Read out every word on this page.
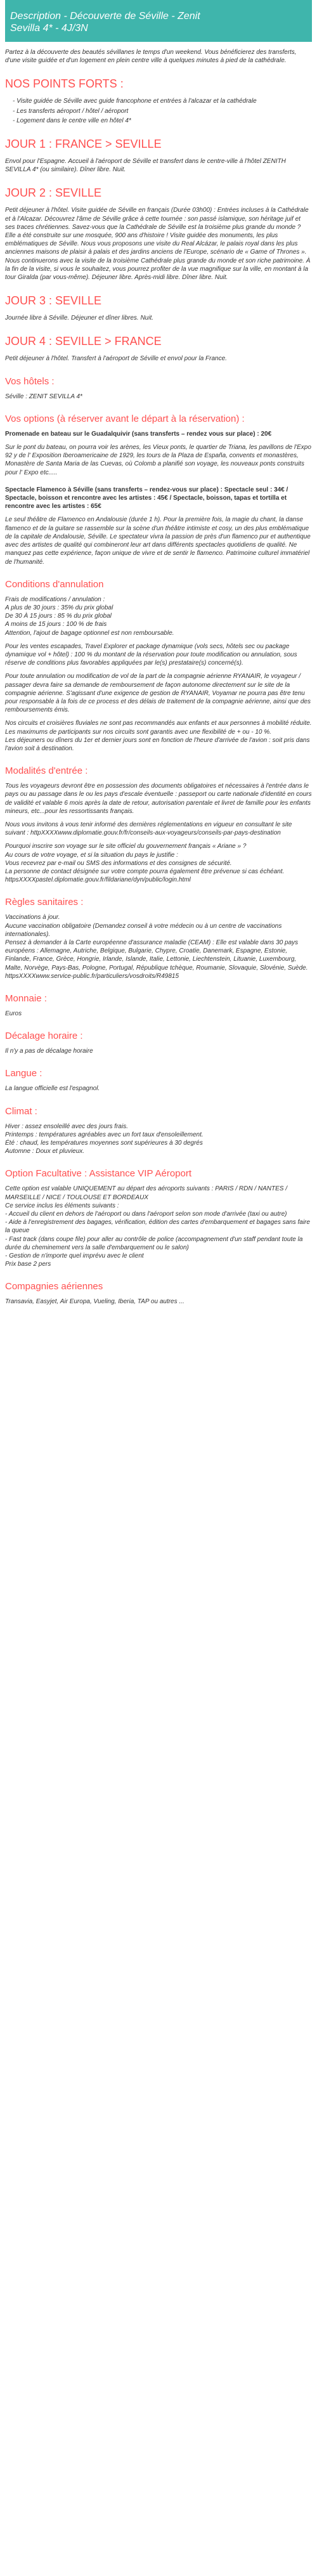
Description - Découverte de Séville - Zenit
Sevilla 4* - 4J/3N

Partez à la découverte des beautés sévillanes le temps d'un weekend. Vous bénéficierez des transferts, d'une visite guidée et d'un logement en plein centre ville à quelques minutes à pied de la cathédrale.

NOS POINTS FORTS :

- Visite guidée de Séville avec guide francophone et entrées à l'alcazar et la cathédrale

- Les transferts aéroport / hôtel / aéroport

- Logement dans le centre ville en hôtel 4*

JOUR 1 : FRANCE > SEVILLE

Envol pour l'Espagne. Accueil à l'aéroport de Séville et transfert dans le centre-ville à l'hôtel ZENITH SEVILLA 4* (ou similaire). Dîner libre. Nuit.

JOUR 2 : SEVILLE

Petit déjeuner à l'hôtel. Visite guidée de Séville en français (Durée 03h00) : Entrées incluses à la Cathédrale et à l'Alcazar. Découvrez l'âme de Séville grâce à cette tournée : son passé islamique, son héritage juif et ses traces chrétiennes. Savez-vous que la Cathédrale de Séville est la troisième plus grande du monde ? Elle a été construite sur une mosquée, 900 ans d'histoire ! Visite guidée des monuments, les plus emblématiques de Séville. Nous vous proposons une visite du Real Alcázar, le palais royal dans les plus anciennes maisons de plaisir à palais et des jardins anciens de l'Europe, scénario de « Game of Thrones ». Nous continuerons avec la visite de la troisième Cathédrale plus grande du monde et son riche patrimoine. À la fin de la visite, si vous le souhaitez, vous pourrez profiter de la vue magnifique sur la ville, en montant à la tour Giralda (par vous-même). Déjeuner libre. Après-midi libre. Dîner libre. Nuit.

JOUR 3 : SEVILLE

Journée libre à Séville. Déjeuner et dîner libres. Nuit.

JOUR 4 : SEVILLE > FRANCE

Petit déjeuner à l'hôtel. Transfert à l'aéroport de Séville et envol pour la France.

Vos hôtels :

Séville : ZENIT SEVILLA 4*

Vos options (à réserver avant le départ à la réservation) :

Promenade en bateau sur le Guadalquivir (sans transferts – rendez vous sur place) : 20€

Sur le pont du bateau, on pourra voir les arènes, les Vieux ponts, le quartier de Triana, les pavillons de l'Expo 92 y de l' Exposition Iberoamericaine de 1929, les tours de la Plaza de España, convents et monastères, Monastère de Santa Maria de las Cuevas, où Colomb a planifié son voyage, les nouveaux ponts construits pour l' Expo etc.....

Spectacle Flamenco à Séville (sans transferts – rendez-vous sur place) : Spectacle seul : 34€ / Spectacle, boisson et rencontre avec les artistes : 45€ / Spectacle, boisson, tapas et tortilla et rencontre avec les artistes : 65€

Le seul théâtre de Flamenco en Andalousie (durée 1 h). Pour la première fois, la magie du chant, la danse flamenco et de la guitare se rassemble sur la scène d'un théâtre intimiste et cosy, un des plus emblématique de la capitale de Andalousie, Séville. Le spectateur vivra la passion de près d'un flamenco pur et authentique avec des artistes de qualité qui combineront leur art dans différents spectacles quotidiens de qualité. Ne manquez pas cette expérience, façon unique de vivre et de sentir le flamenco. Patrimoine culturel immatériel de l'humanité.

Conditions d'annulation

Frais de modifications / annulation :
A plus de 30 jours : 35% du prix global
De 30 À 15 jours : 85 % du prix global
A moins de 15 jours : 100 % de frais
Attention, l'ajout de bagage optionnel est non remboursable.

Pour les ventes escapades, Travel Explorer et package dynamique (vols secs, hôtels sec ou package dynamique vol + hôtel) : 100 % du montant de la réservation pour toute modification ou annulation, sous réserve de conditions plus favorables appliquées par le(s) prestataire(s) concerné(s).

Pour toute annulation ou modification de vol de la part de la compagnie aérienne RYANAIR, le voyageur / passager devra faire sa demande de remboursement de façon autonome directement sur le site de la compagnie aérienne. S'agissant d'une exigence de gestion de RYANAIR, Voyamar ne pourra pas être tenu pour responsable à la fois de ce process et des délais de traitement de la compagnie aérienne, ainsi que des remboursements émis.

Nos circuits et croisières fluviales ne sont pas recommandés aux enfants et aux personnes à mobilité réduite.
Les maximums de participants sur nos circuits sont garantis avec une flexibilité de + ou - 10 %.
Les déjeuners ou dîners du 1er et dernier jours sont en fonction de l'heure d'arrivée de l'avion : soit pris dans l'avion soit à destination.

Modalités d'entrée :

Tous les voyageurs devront être en possession des documents obligatoires et nécessaires à l'entrée dans le pays ou au passage dans le ou les pays d'escale éventuelle : passeport ou carte nationale d'identité en cours de validité et valable 6 mois après la date de retour, autorisation parentale et livret de famille pour les enfants mineurs, etc...pour les ressortissants français.

Nous vous invitons à vous tenir informé des dernières réglementations en vigueur en consultant le site suivant : httpXXXXwww.diplomatie.gouv.fr/fr/conseils-aux-voyageurs/conseils-par-pays-destination

Pourquoi inscrire son voyage sur le site officiel du gouvernement français « Ariane » ?
Au cours de votre voyage, et si la situation du pays le justifie :
Vous recevrez par e-mail ou SMS des informations et des consignes de sécurité.
La personne de contact désignée sur votre compte pourra également être prévenue si cas échéant.
httpsXXXXpastel.diplomatie.gouv.fr/fildariane/dyn/public/login.html

Règles sanitaires :

Vaccinations à jour.
Aucune vaccination obligatoire (Demandez conseil à votre médecin ou à un centre de vaccinations internationales).
Pensez à demander à la Carte européenne d'assurance maladie (CEAM) : Elle est valable dans 30 pays européens : Allemagne, Autriche, Belgique, Bulgarie, Chypre, Croatie, Danemark, Espagne, Estonie, Finlande, France, Grèce, Hongrie, Irlande, Islande, Italie, Lettonie, Liechtenstein, Lituanie, Luxembourg, Malte, Norvège, Pays-Bas, Pologne, Portugal, République tchèque, Roumanie, Slovaquie, Slovénie, Suède.
httpsXXXXwww.service-public.fr/particuliers/vosdroits/R49815

Monnaie :

Euros

Décalage horaire :

Il n'y a pas de décalage horaire

Langue :

La langue officielle est l'espagnol.

Climat :

Hiver : assez ensoleillé avec des jours frais.
Printemps : températures agréables avec un fort taux d'ensoleillement.
Été : chaud, les températures moyennes sont supérieures à 30 degrés
Automne : Doux et pluvieux.

Option Facultative : Assistance VIP Aéroport

Cette option est valable UNIQUEMENT au départ des aéroports suivants : PARIS / RDN / NANTES / MARSEILLE / NICE / TOULOUSE ET BORDEAUX
Ce service inclus les éléments suivants :
- Accueil du client en dehors de l'aéroport ou dans l'aéroport selon son mode d'arrivée (taxi ou autre)
- Aide à l'enregistrement des bagages, vérification, édition des cartes d'embarquement et bagages sans faire la queue
- Fast track (dans coupe file) pour aller au contrôle de police (accompagnement d'un staff pendant toute la durée du cheminement vers la salle d'embarquement ou le salon)
- Gestion de n'importe quel imprévu avec le client
Prix base 2 pers

Compagnies aériennes

Transavia, Easyjet, Air Europa, Vueling, Iberia, TAP ou autres ...
